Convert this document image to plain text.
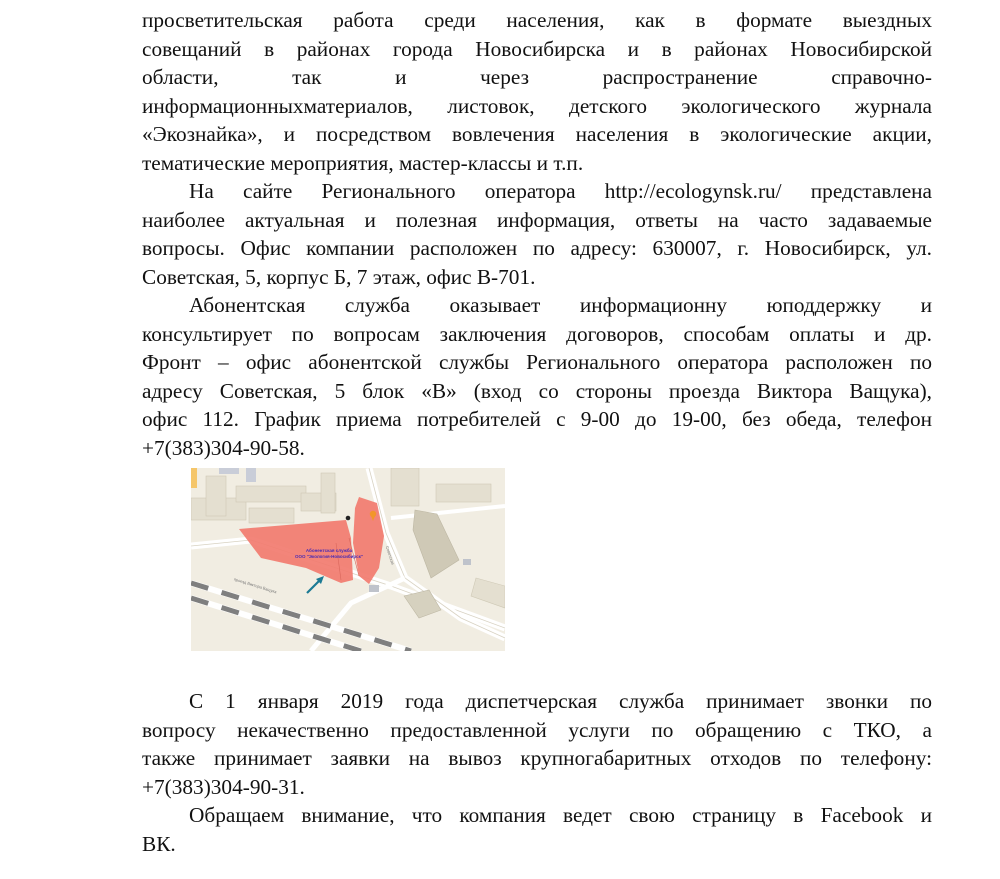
просветительская работа среди населения, как в формате выездных

совещаний в районах города Новосибирска и в районах Новосибирской

области, так и через распространение справочно-

информационныхматериалов, листовок, детского экологического журнала

«Экознайка», и посредством вовлечения населения в экологические акции,

тематические мероприятия, мастер-классы и т.п.

На сайте Регионального оператора http://ecologynsk.ru/ представлена

наиболее актуальная и полезная информация, ответы на часто задаваемые

вопросы. Офис компании расположен по адресу: 630007, г. Новосибирск, ул.

Советская, 5, корпус Б, 7 этаж, офис В-701.

Абонентская служба оказывает информационну юподдержку и

консультирует по вопросам заключения договоров, способам оплаты и др.

Фронт – офис абонентской службы Регионального оператора расположен по

адресу Советская, 5 блок «В» (вход со стороны проезда Виктора Ващука),

офис 112. График приема потребителей с 9-00 до 19-00, без обеда, телефон

+7(383)304-90-58.

проезд Виктора Ващука
Советская
Абонентская служба
ООО "Экология-Новосибирск"

С 1 января 2019 года диспетчерская служба принимает звонки по

вопросу некачественно предоставленной услуги по обращению с ТКО, а

также принимает заявки на вывоз крупногабаритных отходов по телефону:

+7(383)304-90-31.

Обращаем внимание, что компания ведет свою страницу в Facebook и

ВК.
